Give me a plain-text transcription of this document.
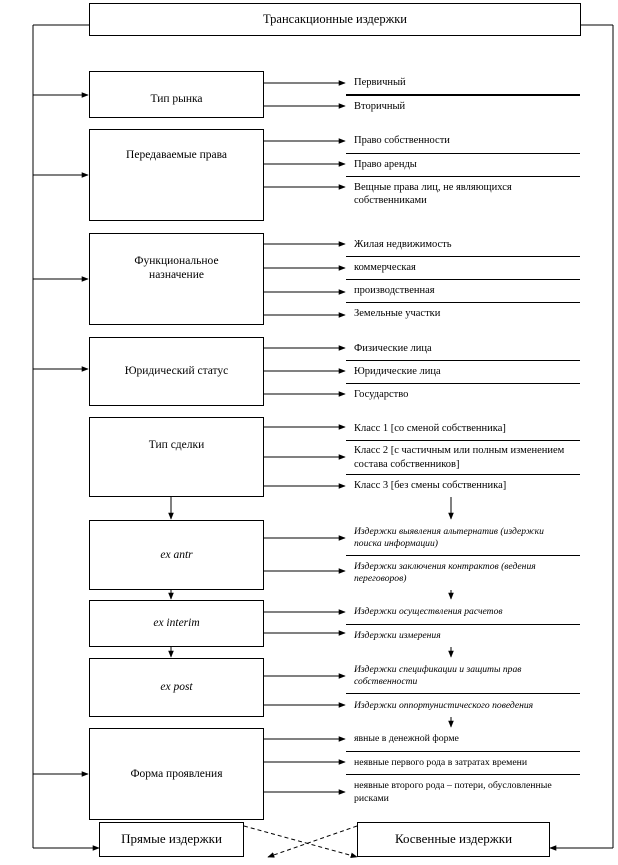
Трансакционные издержки
Тип рынка
Передаваемые права
Функциональное назначение
Юридический статус
Тип сделки
ex antr
ex interim
ex post
Форма проявления
Первичный
Вторичный
Право собственности
Право аренды
Вещные права лиц, не являющихся собственниками
Жилая недвижимость
коммерческая
производственная
Земельные участки
Физические лица
Юридические лица
Государство
Класс 1 [со сменой собственника]
Класс 2 [с частичным или полным изменением состава собственников]
Класс 3 [без смены собственника]
Издержки выявления альтернатив (издержки поиска информации)
Издержки заключения контрактов (ведения переговоров)
Издержки осуществления расчетов
Издержки измерения
Издержки спецификации и защиты прав собственности
Издержки оппортунистического поведения
явные в денежной форме
неявные первого рода в затратах времени
неявные второго рода – потери, обусловленные рисками
Прямые издержки	Косвенные издержки
